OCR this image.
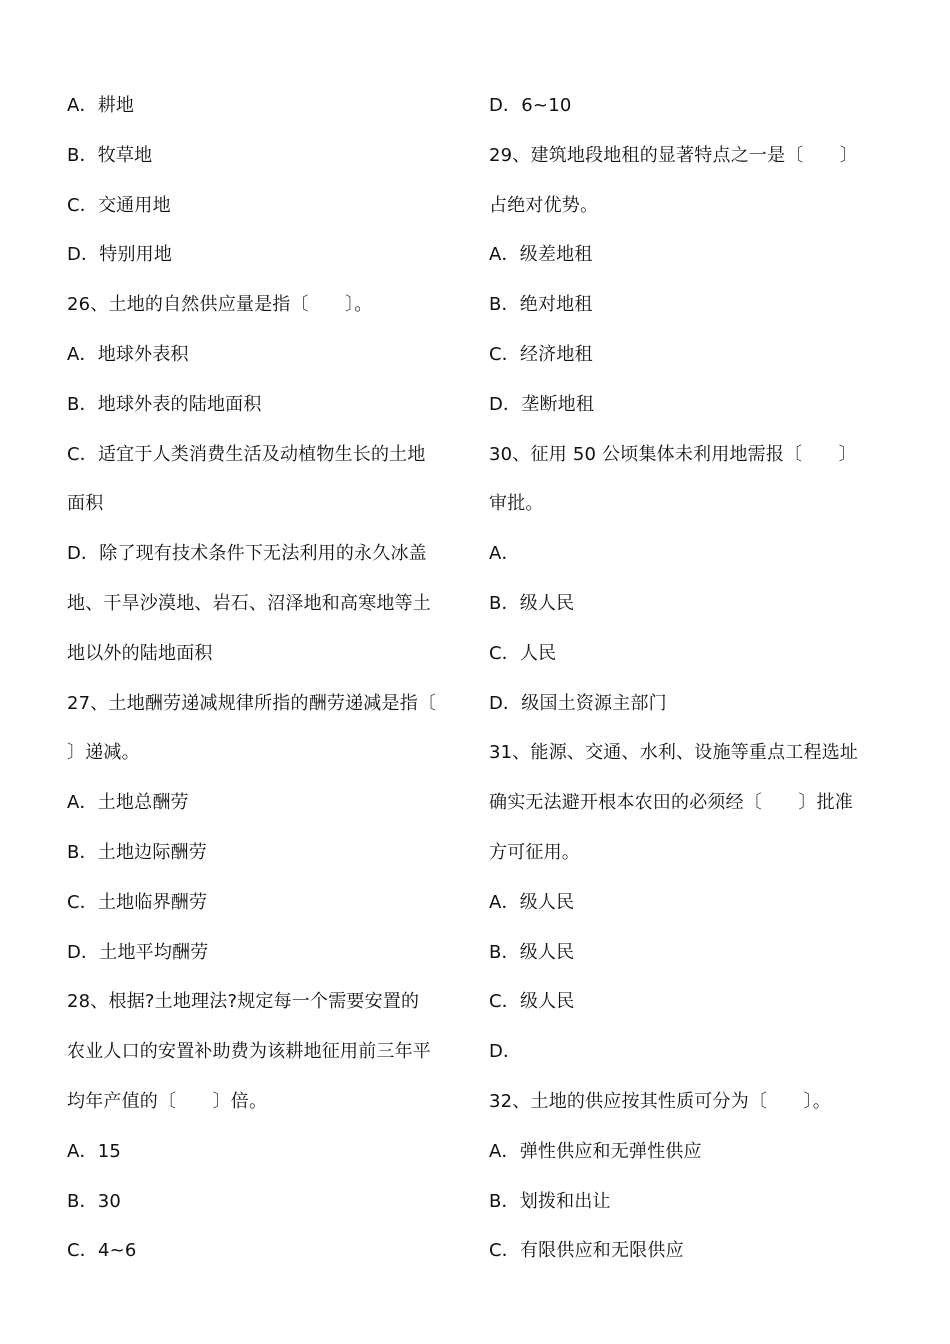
A．耕地
B．牧草地
C．交通用地
D．特别用地
26、土地的自然供应量是指〔　　〕。
A．地球外表积
B．地球外表的陆地面积
C．适宜于人类消费生活及动植物生长的土地
面积
D．除了现有技术条件下无法利用的永久冰盖
地、干旱沙漠地、岩石、沼泽地和高寒地等土
地以外的陆地面积
27、土地酬劳递减规律所指的酬劳递减是指〔
〕递减。
A．土地总酬劳
B．土地边际酬劳
C．土地临界酬劳
D．土地平均酬劳
28、根据?土地理法?规定每一个需要安置的
农业人口的安置补助费为该耕地征用前三年平
均年产值的〔　　〕倍。
A．15
B．30
C．4~6
D．6~10
29、建筑地段地租的显著特点之一是〔　　〕
占绝对优势。
A．级差地租
B．绝对地租
C．经济地租
D．垄断地租
30、征用 50 公顷集体未利用地需报〔　　〕
审批。
A．
B．级人民
C．人民
D．级国土资源主部门
31、能源、交通、水利、设施等重点工程选址
确实无法避开根本农田的必须经〔　　〕批准
方可征用。
A．级人民
B．级人民
C．级人民
D．
32、土地的供应按其性质可分为〔　　〕。
A．弹性供应和无弹性供应
B．划拨和出让
C．有限供应和无限供应
